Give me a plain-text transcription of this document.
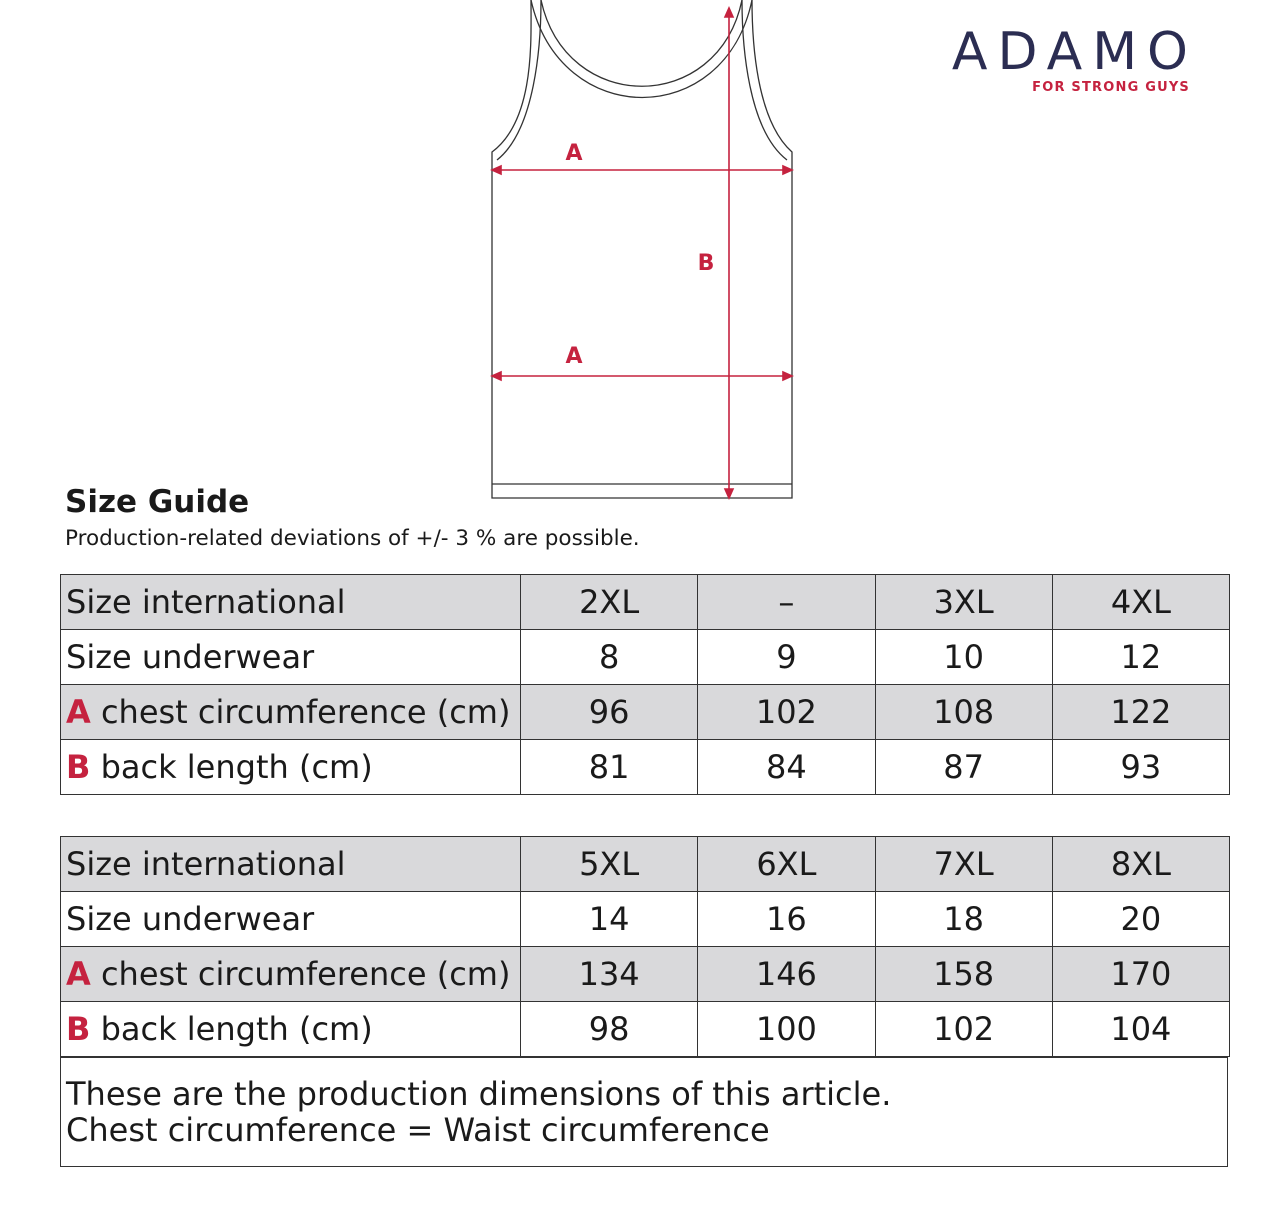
A
B
A
ADAMO
FOR STRONG GUYS
Size Guide
Production-related deviations of +/- 3 % are possible.
Size international	2XL	–	3XL	4XL
Size underwear	8	9	10	12
A chest circumference (cm)	96	102	108	122
B back length (cm)	81	84	87	93
Size international	5XL	6XL	7XL	8XL
Size underwear	14	16	18	20
A chest circumference (cm)	134	146	158	170
B back length (cm)	98	100	102	104
These are the production dimensions of this article.
Chest circumference = Waist circumference
